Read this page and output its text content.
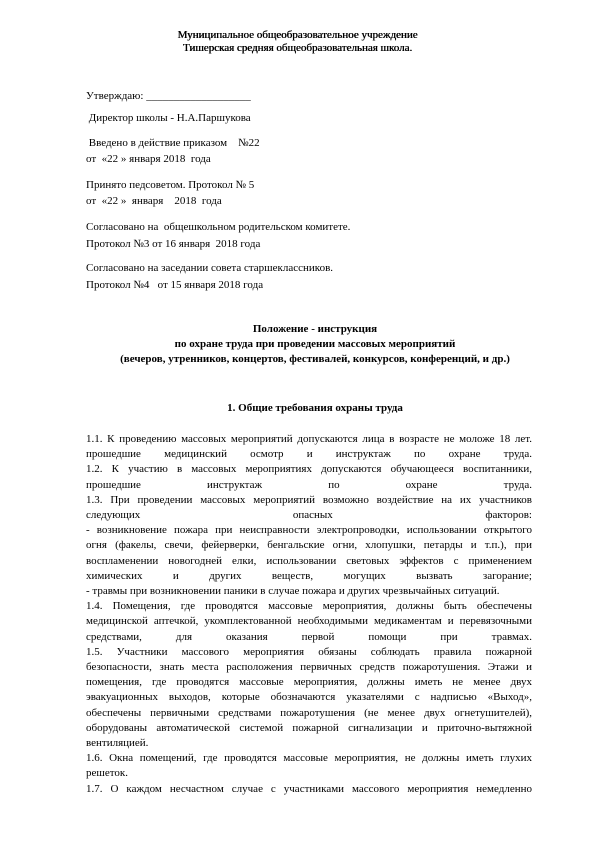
Муниципальное общеобразовательное учреждение
Тишерская средняя общеобразовательная школа.
Утверждаю: ___________________
Директор школы - Н.А.Паршукова
Введено в действие приказом    №22
от  «22 » января 2018  года
Принято педсоветом. Протокол № 5
от  «22 »  января    2018  года
Согласовано на  общешкольном родительском комитете.
Протокол №3 от 16 января  2018 года
Согласовано на заседании совета старшеклассников.
Протокол №4   от 15 января 2018 года
Положение - инструкция
по охране труда при проведении массовых мероприятий
(вечеров, утренников, концертов, фестивалей, конкурсов, конференций, и др.)
1. Общие требования охраны труда

1.1. К проведению массовых мероприятий допускаются лица в возрасте не моложе 18 лет.

прошедшие медицинский осмотр и инструктаж по охране труда.

1.2. К участию в массовых мероприятиях допускаются обучающееся воспитанники,

прошедшие инструктаж по охране труда.

1.3. При проведении массовых мероприятий возможно воздействие на их участников

следующих опасных факторов:

- возникновение пожара при неисправности электропроводки, использовании открытого

огня (факелы, свечи, фейерверки, бенгальские огни, хлопушки, петарды и т.п.), при

воспламенении новогодней елки, использовании световых эффектов с применением

химических и других веществ, могущих вызвать загорание;

- травмы при возникновении паники в случае пожара и других чрезвычайных ситуаций.

1.4. Помещения, где проводятся массовые мероприятия, должны быть обеспечены

медицинской аптечкой, укомплектованной необходимыми медикаментам и перевязочными

средствами, для оказания первой помощи при травмах.

1.5. Участники массового мероприятия обязаны соблюдать правила пожарной

безопасности, знать места расположения первичных средств пожаротушения. Этажи и

помещения, где проводятся массовые мероприятия, должны иметь не менее двух

эвакуационных выходов, которые обозначаются указателями с надписью «Выход»,

обеспечены первичными средствами пожаротушения (не менее двух огнетушителей),

оборудованы автоматической системой пожарной сигнализации и приточно-вытяжной

вентиляцией.

1.6. Окна помещений, где проводятся массовые мероприятия, не должны иметь глухих

решеток.

1.7. О каждом несчастном случае с участниками массового мероприятия немедленно
